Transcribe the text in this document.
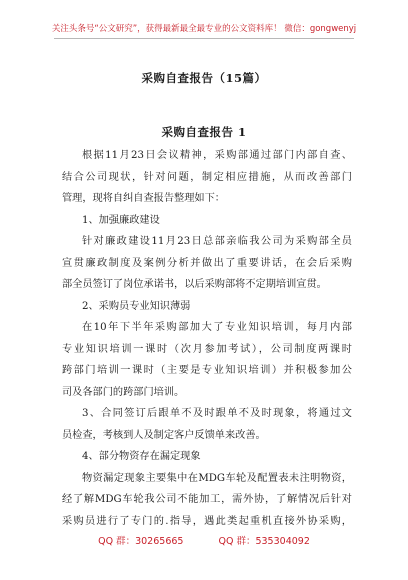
关注头条号“公文研究”，获得最新最全最专业的公文资料库！ 微信：gongwenyj
采购自查报告（15篇）
采购自查报告 1
根据11月23日会议精神，采购部通过部门内部自查、
结合公司现状，针对问题，制定相应措施，从而改善部门
管理，现将自纠自查报告整理如下：
1、加强廉政建设
针对廉政建设11月23日总部亲临我公司为采购部全员
宣贯廉政制度及案例分析并做出了重要讲话，在会后采购
部全员签订了岗位承诺书，以后采购部将不定期培训宣贯。
2、采购员专业知识薄弱
在10年下半年采购部加大了专业知识培训，每月内部
专业知识培训一课时（次月参加考试），公司制度两课时
跨部门培训一课时（主要是专业知识培训）并积极参加公
司及各部门的跨部门培训。
3、合同签订后跟单不及时跟单不及时现象，将通过文
员检查，考核到人及制定客户反馈单来改善。
4、部分物资存在漏定现象
物资漏定现象主要集中在MDG车轮及配置表未注明物资，
经了解MDG车轮我公司不能加工，需外协，了解情况后针对
采购员进行了专门的.指导，遇此类起重机直接外协采购，
QQ 群：30265665	QQ 群：535304092
